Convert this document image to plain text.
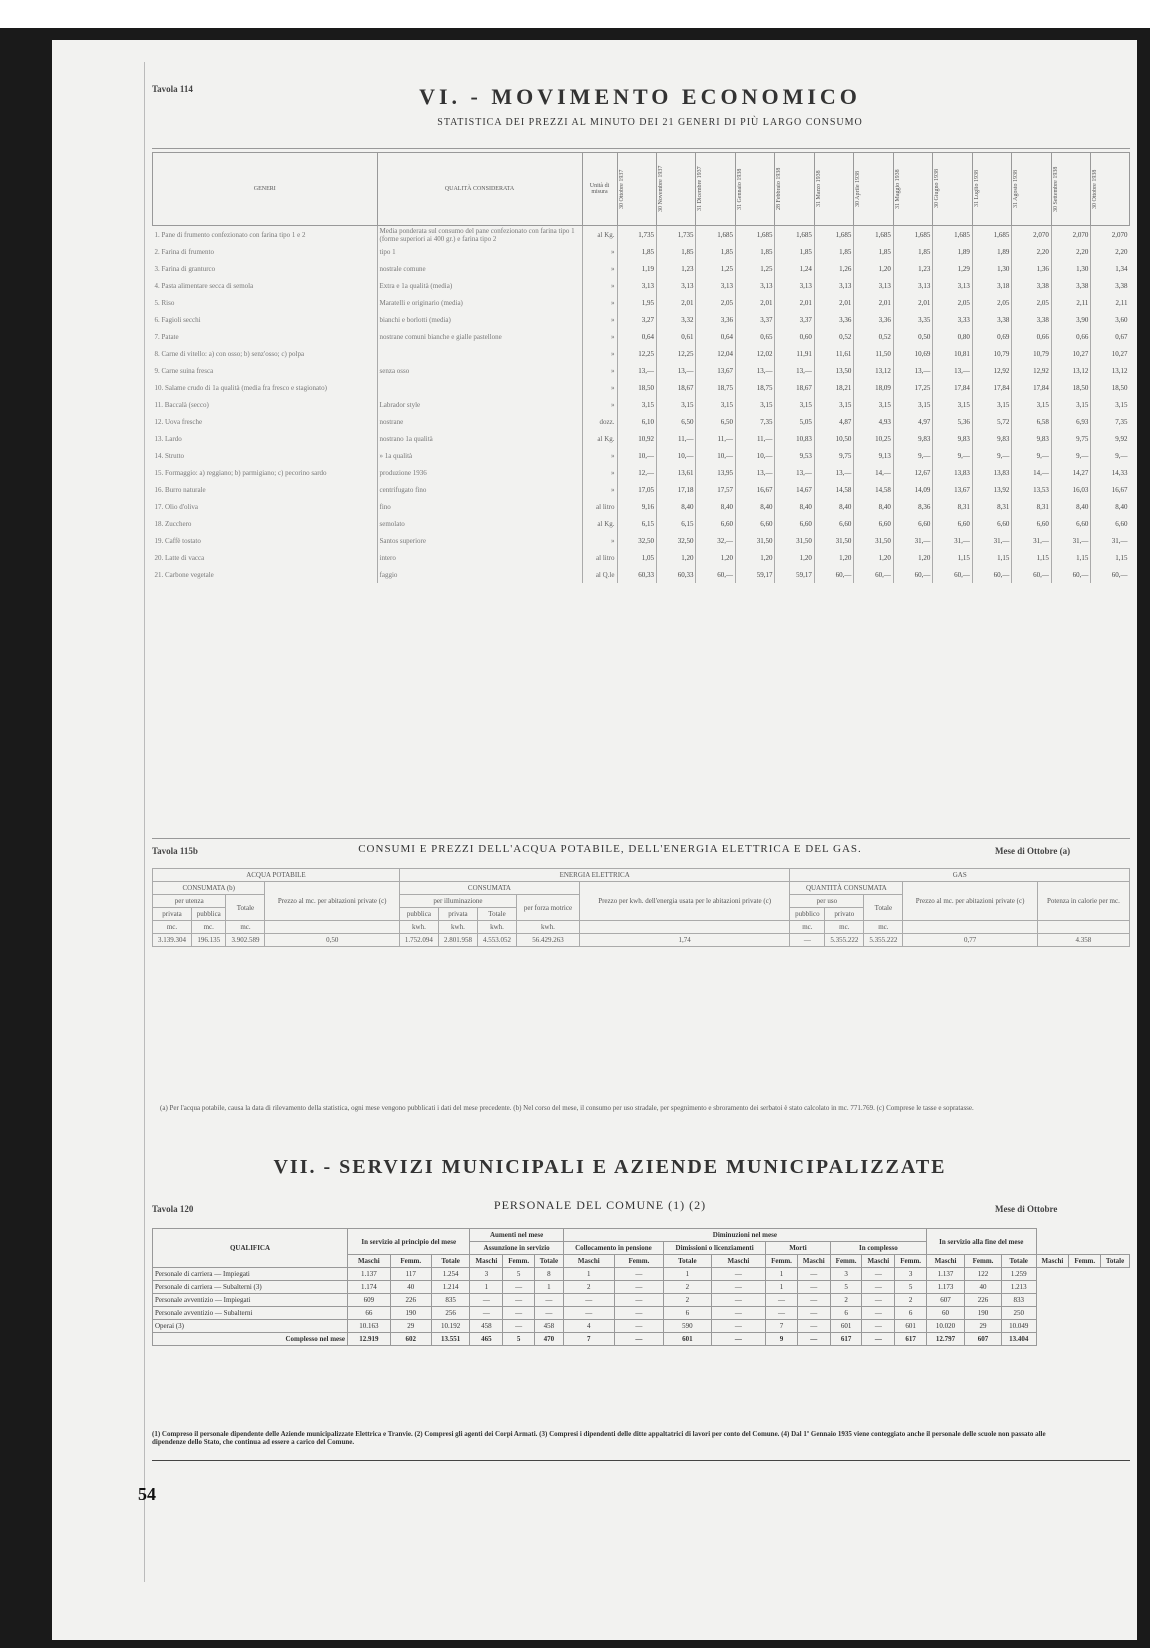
Tavola 114	VI. - MOVIMENTO ECONOMICO
STATISTICA DEI PREZZI AL MINUTO DEI 21 GENERI DI PIÙ LARGO CONSUMO
GENERI	QUALITÀ CONSIDERATA	Unità di misura	30 Ottobre 1937	30 Novembre 1937	31 Dicembre 1937	31 Gennaio 1938	28 Febbraio 1938	31 Marzo 1938	30 Aprile 1938	31 Maggio 1938	30 Giugno 1938	31 Luglio 1938	31 Agosto 1938	30 Settembre 1938	30 Ottobre 1938

1. Pane di frumento confezionato con farina tipo 1 e 2	Media ponderata sul consumo del pane confezionato con farina tipo 1 (forme superiori ai 400 gr.) e farina tipo 2	al Kg.	1,735	1,735	1,685	1,685	1,685	1,685	1,685	1,685	1,685	1,685	2,070	2,070	2,070
2. Farina di frumento	tipo 1	»	1,85	1,85	1,85	1,85	1,85	1,85	1,85	1,85	1,89	1,89	2,20	2,20	2,20
3. Farina di granturco	nostrale comune	»	1,19	1,23	1,25	1,25	1,24	1,26	1,20	1,23	1,29	1,30	1,36	1,30	1,34
4. Pasta alimentare secca di semola	Extra e 1a qualità (media)	»	3,13	3,13	3,13	3,13	3,13	3,13	3,13	3,13	3,13	3,18	3,38	3,38	3,38
5. Riso	Maratelli e originario (media)	»	1,95	2,01	2,05	2,01	2,01	2,01	2,01	2,01	2,05	2,05	2,05	2,11	2,11
6. Fagioli secchi	bianchi e borlotti (media)	»	3,27	3,32	3,36	3,37	3,37	3,36	3,36	3,35	3,33	3,38	3,38	3,90	3,60
7. Patate	nostrane comuni bianche e gialle pastellone	»	0,64	0,61	0,64	0,65	0,60	0,52	0,52	0,50	0,80	0,69	0,66	0,66	0,67
8. Carne di vitello: a) con osso; b) senz'osso; c) polpa		»	12,25	12,25	12,04	12,02	11,91	11,61	11,50	10,69	10,81	10,79	10,79	10,27	10,27
9. Carne suina fresca	senza osso	»	13,—	13,—	13,67	13,—	13,—	13,50	13,12	13,—	13,—	12,92	12,92	13,12	13,12
10. Salame crudo di 1a qualità (media fra fresco e stagionato)		»	18,50	18,67	18,75	18,75	18,67	18,21	18,09	17,25	17,84	17,84	17,84	18,50	18,50
11. Baccalà (secco)	Labrador style	»	3,15	3,15	3,15	3,15	3,15	3,15	3,15	3,15	3,15	3,15	3,15	3,15	3,15
12. Uova fresche	nostrane	dozz.	6,10	6,50	6,50	7,35	5,05	4,87	4,93	4,97	5,36	5,72	6,58	6,93	7,35
13. Lardo	nostrano 1a qualità	al Kg.	10,92	11,—	11,—	11,—	10,83	10,50	10,25	9,83	9,83	9,83	9,83	9,75	9,92
14. Strutto	» 1a qualità	»	10,—	10,—	10,—	10,—	9,53	9,75	9,13	9,—	9,—	9,—	9,—	9,—	9,—
15. Formaggio: a) reggiano; b) parmigiano; c) pecorino sardo	produzione 1936	»	12,—	13,61	13,95	13,—	13,—	13,—	14,—	12,67	13,83	13,83	14,—	14,27	14,33
16. Burro naturale	centrifugato fino	»	17,05	17,18	17,57	16,67	14,67	14,58	14,58	14,09	13,67	13,92	13,53	16,03	16,67
17. Olio d'oliva	fino	al litro	9,16	8,40	8,40	8,40	8,40	8,40	8,40	8,36	8,31	8,31	8,31	8,40	8,40
18. Zucchero	semolato	al Kg.	6,15	6,15	6,60	6,60	6,60	6,60	6,60	6,60	6,60	6,60	6,60	6,60	6,60
19. Caffè tostato	Santos superiore	»	32,50	32,50	32,—	31,50	31,50	31,50	31,50	31,—	31,—	31,—	31,—	31,—	31,—
20. Latte di vacca	intero	al litro	1,05	1,20	1,20	1,20	1,20	1,20	1,20	1,20	1,15	1,15	1,15	1,15	1,15
21. Carbone vegetale	faggio	al Q.le	60,33	60,33	60,—	59,17	59,17	60,—	60,—	60,—	60,—	60,—	60,—	60,—	60,—
Tavola 115b	CONSUMI E PREZZI DELL'ACQUA POTABILE, DELL'ENERGIA ELETTRICA E DEL GAS.	Mese di Ottobre (a)
ACQUA POTABILE				ENERGIA ELETTRICA					GAS				
CONSUMATA (b)			Prezzo al mc. per abitazioni private (c)	CONSUMATA				Prezzo per kwh. dell'energia usata per le abitazioni private (c)	QUANTITÀ CONSUMATA			Prezzo al mc. per abitazioni private (c)	Potenza in calorie per mc.
per utenza		Totale		per illuminazione			per forza motrice		per uso		Totale		
privata	pubblica			pubblica	privata	Totale			pubblico	privato			
mc.	mc.	mc.		kwh.	kwh.	kwh.	kwh.		mc.	mc.	mc.		
3.139.304	196.135	3.902.589	0,50	1.752.094	2.801.958	4.553.052	56.429.263	1,74	—	5.355.222	5.355.222	0,77	4.358
(a) Per l'acqua potabile, causa la data di rilevamento della statistica, ogni mese vengono pubblicati i dati del mese precedente. (b) Nel corso del mese, il consumo per uso stradale, per spegnimento e sbroramento dei serbatoi è stato calcolato in mc. 771.769. (c) Comprese le tasse e sopratasse.
VII. - SERVIZI MUNICIPALI E AZIENDE MUNICIPALIZZATE
Tavola 120	PERSONALE DEL COMUNE (1) (2)	Mese di Ottobre
QUALIFICA	In servizio al principio del mese			Aumenti nel mese			Diminuzioni nel mese									In servizio alla fine del mese					
				Assunzione in servizio			Collocamento in pensione		Dimissioni o licenziamenti		Morti		In complesso								
	Maschi	Femm.	Totale	Maschi	Femm.	Totale	Maschi	Femm.	Totale	Maschi	Femm.	Maschi	Femm.	Maschi	Femm.	Maschi	Femm.	Totale	Maschi	Femm.	Totale
Personale di carriera — Impiegati	1.137	117	1.254	3	5	8	1	—	1	—	1	—	3	—	3	1.137	122	1.259			
Personale di carriera — Subalterni (3)	1.174	40	1.214	1	—	1	2	—	2	—	1	—	5	—	5	1.173	40	1.213			
Personale avventizio — Impiegati	609	226	835	—	—	—	—	—	2	—	—	—	2	—	2	607	226	833			
Personale avventizio — Subalterni	66	190	256	—	—	—	—	—	6	—	—	—	6	—	6	60	190	250			
Operai (3)	10.163	29	10.192	458	—	458	4	—	590	—	7	—	601	—	601	10.020	29	10.049			
Complesso nel mese	12.919	602	13.551	465	5	470	7	—	601	—	9	—	617	—	617	12.797	607	13.404			
(1) Compreso il personale dipendente delle Aziende municipalizzate Elettrica e Tranvie. (2) Compresi gli agenti dei Corpi Armati. (3) Compresi i dipendenti delle ditte appaltatrici di lavori per conto del Comune. (4) Dal 1º Gennaio 1935 viene conteggiato anche il personale delle scuole non passato alle dipendenze dello Stato, che continua ad essere a carico del Comune.
54
